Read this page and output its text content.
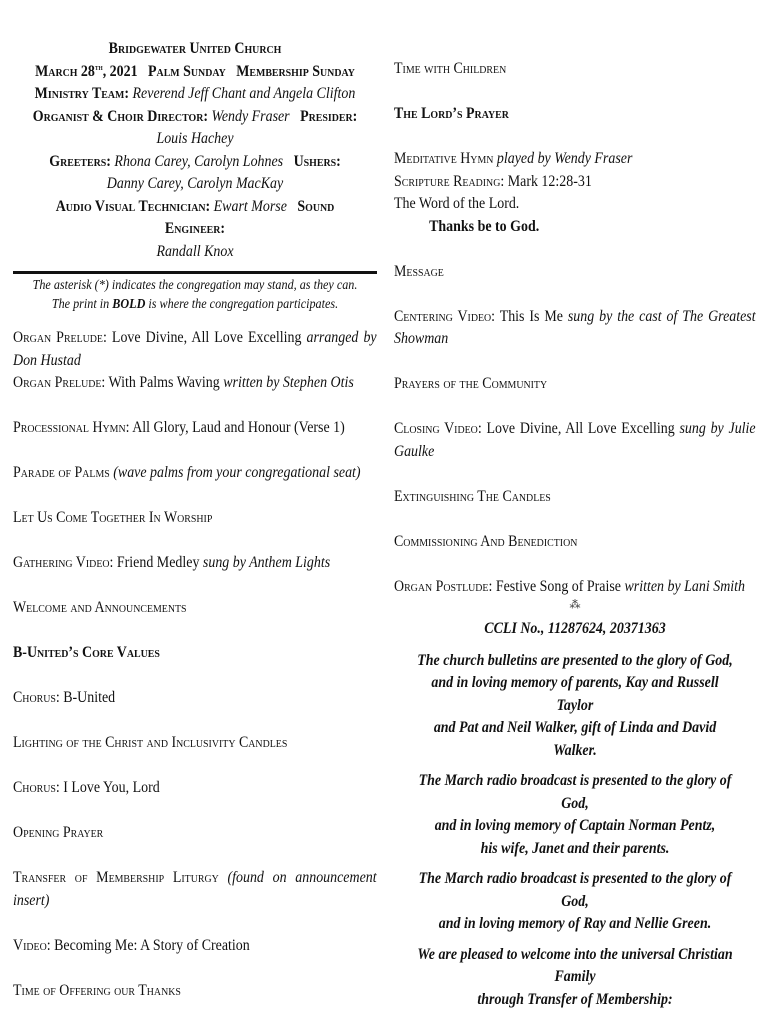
Bridgewater United Church

March 28th, 2021 Palm Sunday Membership Sunday

Ministry Team: Reverend Jeff Chant and Angela Clifton

Organist & Choir Director: Wendy Fraser Presider:
Louis Hachey

Greeters: Rhona Carey, Carolyn Lohnes Ushers: Danny Carey, Carolyn MacKay

Audio Visual Technician: Ewart Morse Sound Engineer:
Randall Knox

The asterisk (*) indicates the congregation may stand, as they can.

The print in BOLD is where the congregation participates.

Organ Prelude: Love Divine, All Love Excelling arranged by Don Hustad
Organ Prelude: With Palms Waving written by Stephen Otis
Processional Hymn: All Glory, Laud and Honour (Verse 1)
Parade of Palms (wave palms from your congregational seat)
Let Us Come Together In Worship
Gathering Video: Friend Medley sung by Anthem Lights
Welcome and Announcements
B-United’s Core Values
Chorus: B-United
Lighting of the Christ and Inclusivity Candles
Chorus: I Love You, Lord
Opening Prayer
Transfer of Membership Liturgy (found on announcement insert)
Video: Becoming Me: A Story of Creation
Time of Offering our Thanks
Time with Children
The Lord’s Prayer
Meditative Hymn played by Wendy Fraser
Scripture Reading: Mark 12:28-31
The Word of the Lord.
Thanks be to God.
Message
Centering Video: This Is Me sung by the cast of The Greatest Showman
Prayers of the Community
Closing Video: Love Divine, All Love Excelling sung by Julie Gaulke
Extinguishing The Candles
Commissioning And Benediction
Organ Postlude: Festive Song of Praise written by Lani Smith
⁂

CCLI No., 11287624, 20371363

The church bulletins are presented to the glory of God,

and in loving memory of parents, Kay and Russell Taylor

and Pat and Neil Walker, gift of Linda and David Walker.

The March radio broadcast is presented to the glory of God,

and in loving memory of Captain Norman Pentz,

his wife, Janet and their parents.

The March radio broadcast is presented to the glory of God,

and in loving memory of Ray and Nellie Green.

We are pleased to welcome into the universal Christian Family

through Transfer of Membership:
